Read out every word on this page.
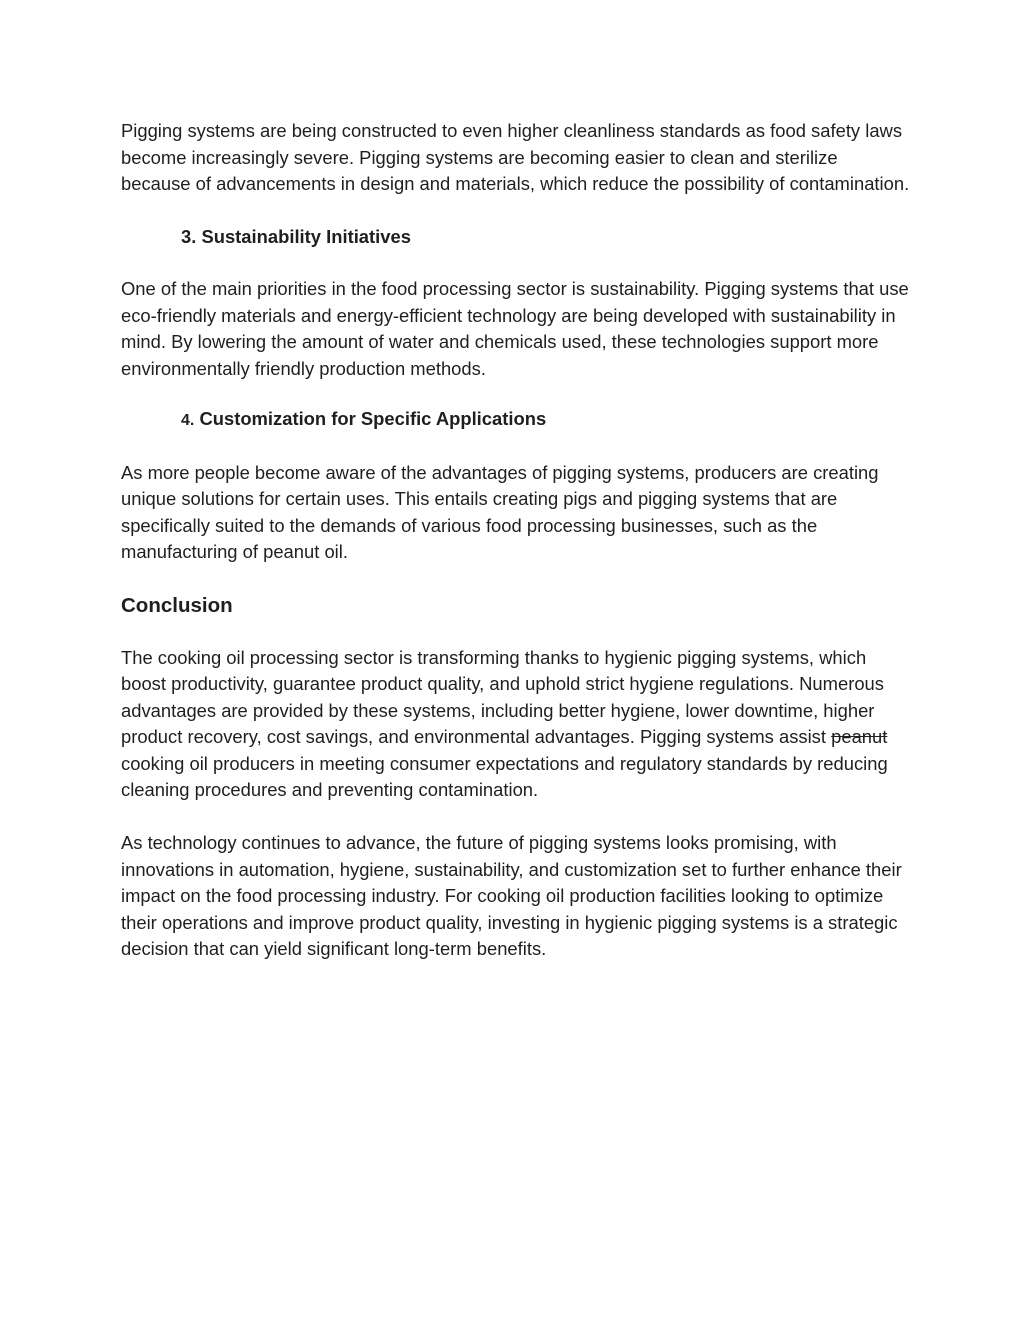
Pigging systems are being constructed to even higher cleanliness standards as food safety laws become increasingly severe. Pigging systems are becoming easier to clean and sterilize because of advancements in design and materials, which reduce the possibility of contamination.

3. Sustainability Initiatives

One of the main priorities in the food processing sector is sustainability. Pigging systems that use eco-friendly materials and energy-efficient technology are being developed with sustainability in mind. By lowering the amount of water and chemicals used, these technologies support more environmentally friendly production methods.

4. Customization for Specific Applications

As more people become aware of the advantages of pigging systems, producers are creating unique solutions for certain uses. This entails creating pigs and pigging systems that are specifically suited to the demands of various food processing businesses, such as the manufacturing of peanut oil.

Conclusion

The cooking oil processing sector is transforming thanks to hygienic pigging systems, which boost productivity, guarantee product quality, and uphold strict hygiene regulations. Numerous advantages are provided by these systems, including better hygiene, lower downtime, higher product recovery, cost savings, and environmental advantages. Pigging systems assist peanut cooking oil producers in meeting consumer expectations and regulatory standards by reducing cleaning procedures and preventing contamination.

As technology continues to advance, the future of pigging systems looks promising, with innovations in automation, hygiene, sustainability, and customization set to further enhance their impact on the food processing industry. For cooking oil production facilities looking to optimize their operations and improve product quality, investing in hygienic pigging systems is a strategic decision that can yield significant long-term benefits.
